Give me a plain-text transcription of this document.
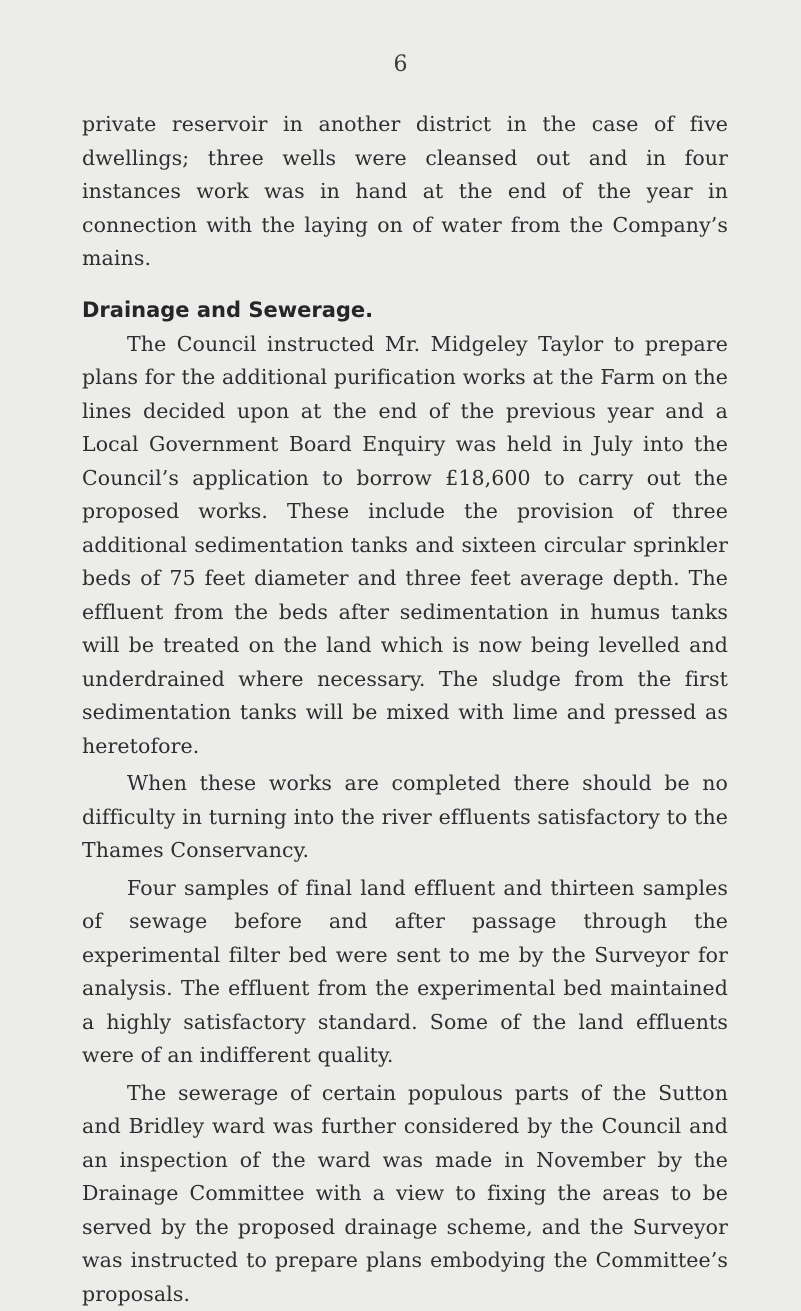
6

private reservoir in another district in the case of five dwellings; three wells were cleansed out and in four instances work was in hand at the end of the year in connection with the laying on of water from the Company’s mains.

Drainage and Sewerage.

The Council instructed Mr. Midgeley Taylor to prepare plans for the additional purification works at the Farm on the lines decided upon at the end of the previous year and a Local Government Board Enquiry was held in July into the Council’s application to borrow £18,600 to carry out the proposed works. These include the provision of three additional sedimentation tanks and sixteen circular sprinkler beds of 75 feet diameter and three feet average depth. The effluent from the beds after sedimentation in humus tanks will be treated on the land which is now being levelled and underdrained where necessary. The sludge from the first sedimentation tanks will be mixed with lime and pressed as heretofore.

When these works are completed there should be no difficulty in turning into the river effluents satisfactory to the Thames Conservancy.

Four samples of final land effluent and thirteen samples of sewage before and after passage through the experimental filter bed were sent to me by the Surveyor for analysis. The effluent from the experimental bed maintained a highly satisfactory standard. Some of the land effluents were of an indifferent quality.

The sewerage of certain populous parts of the Sutton and Bridley ward was further considered by the Council and an inspection of the ward was made in November by the Drainage Committee with a view to fixing the areas to be served by the proposed drainage scheme, and the Surveyor was instructed to prepare plans embodying the Committee’s proposals.
